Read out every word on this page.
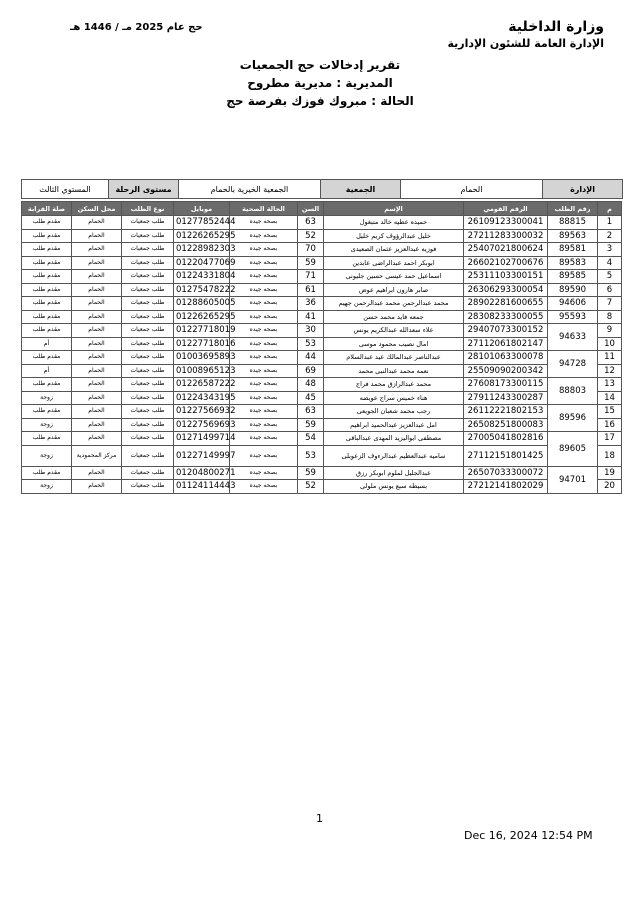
وزارة الداخلية
الإدارة العامة للشئون الإدارية
حج عام 2025 مـ / 1446 هـ
تقرير إدخالات حج الجمعيات
المديرية : مديرية مطروح
الحالة : مبروك فوزك بفرصة حج
الإدارة
الحمام
الجمعية
الجمعية الخيرية بالحمام
مستوى الرحلة
المستوي الثالث
م	رقم الطلب	الرقم القومي	الإسم	السن	الحالة الصحية	موبايل	نوع الطلب	محل السكن	صلة القرابة
1	88815	26109123300041	حميده عطيه خالد متبغول	63	بصحه جيده	01277852444	طلب جمعيات	الحمام	مقدم طلب
2	89563	27211283300032	خليل عبدالرؤوف كريم خليل	52	بصحه جيده	01226265295	طلب جمعيات	الحمام	مقدم طلب
3	89581	25407021800624	فوزيه عبدالعزيز عثمان الصعيدى	70	بصحه جيده	01228982303	طلب جمعيات	الحمام	مقدم طلب
4	89583	26602102700676	ابوبكر احمد عبدالراضى عابدين	59	بصحه جيده	01220477069	طلب جمعيات	الحمام	مقدم طلب
5	89585	25311103300151	اسماعيل حمد عيسى حسين جليونى	71	بصحه جيده	01224331804	طلب جمعيات	الحمام	مقدم طلب
6	89590	26306293300054	صابر هارون ابراهيم عوض	61	بصحه جيده	01275478222	طلب جمعيات	الحمام	مقدم طلب
7	94606	28902281600655	محمد عبدالرحمن محمد عبدالرحمن جهيم	36	بصحه جيده	01288605005	طلب جمعيات	الحمام	مقدم طلب
8	95593	28308233300055	جمعه فايد محمد حسن	41	بصحه جيده	01226265295	طلب جمعيات	الحمام	مقدم طلب
9	94633	29407073300152	علاء سعدالله عبدالكريم يونس	30	بصحه جيده	01227718019	طلب جمعيات	الحمام	مقدم طلب
10		27112061802147	امال نصيب محمود موسى	53	بصحه جيده	01227718016	طلب جمعيات	الحمام	أم
11	94728	28101063300078	عبدالناصر عبدالمالك عيد عبدالسلام	44	بصحه جيده	01003695893	طلب جمعيات	الحمام	مقدم طلب
12		25509090200342	نعمه محمد عبدالنبى محمد	69	بصحه جيده	01008965123	طلب جمعيات	الحمام	أم
13	88803	27608173300115	محمد عبدالرازق محمد فراج	48	بصحه جيده	01226587222	طلب جمعيات	الحمام	مقدم طلب
14		27911243300287	هناء خميس سراج عويضه	45	بصحه جيده	01224343195	طلب جمعيات	الحمام	زوجة
15	89596	26112221802153	رجب محمد شعبان الجويعى	63	بصحه جيده	01227566932	طلب جمعيات	الحمام	مقدم طلب
16		26508251800083	امل عبدالعزيز عبدالحميد ابراهيم	59	بصحه جيده	01227569693	طلب جمعيات	الحمام	زوجة
17	89605	27005041802816	مصطفى ابواليزيد المهدى عبدالباقى	54	بصحه جيده	01271499714	طلب جمعيات	الحمام	مقدم طلب
18		27112151801425	ساميه عبدالعظيم عبدالرءوف الزعوبلى	53	بصحه جيده	01227149997	طلب جمعيات	مركز المحمودية	زوجة
19	94701	26507033300072	عبدالجليل لملوم ابوبكر رزق	59	بصحه جيده	01204800271	طلب جمعيات	الحمام	مقدم طلب
20		27212141802029	بسيطه سبع يونس ملولى	52	بصحه جيده	01124114443	طلب جمعيات	الحمام	زوجة
1
Dec 16, 2024 12:54 PM
